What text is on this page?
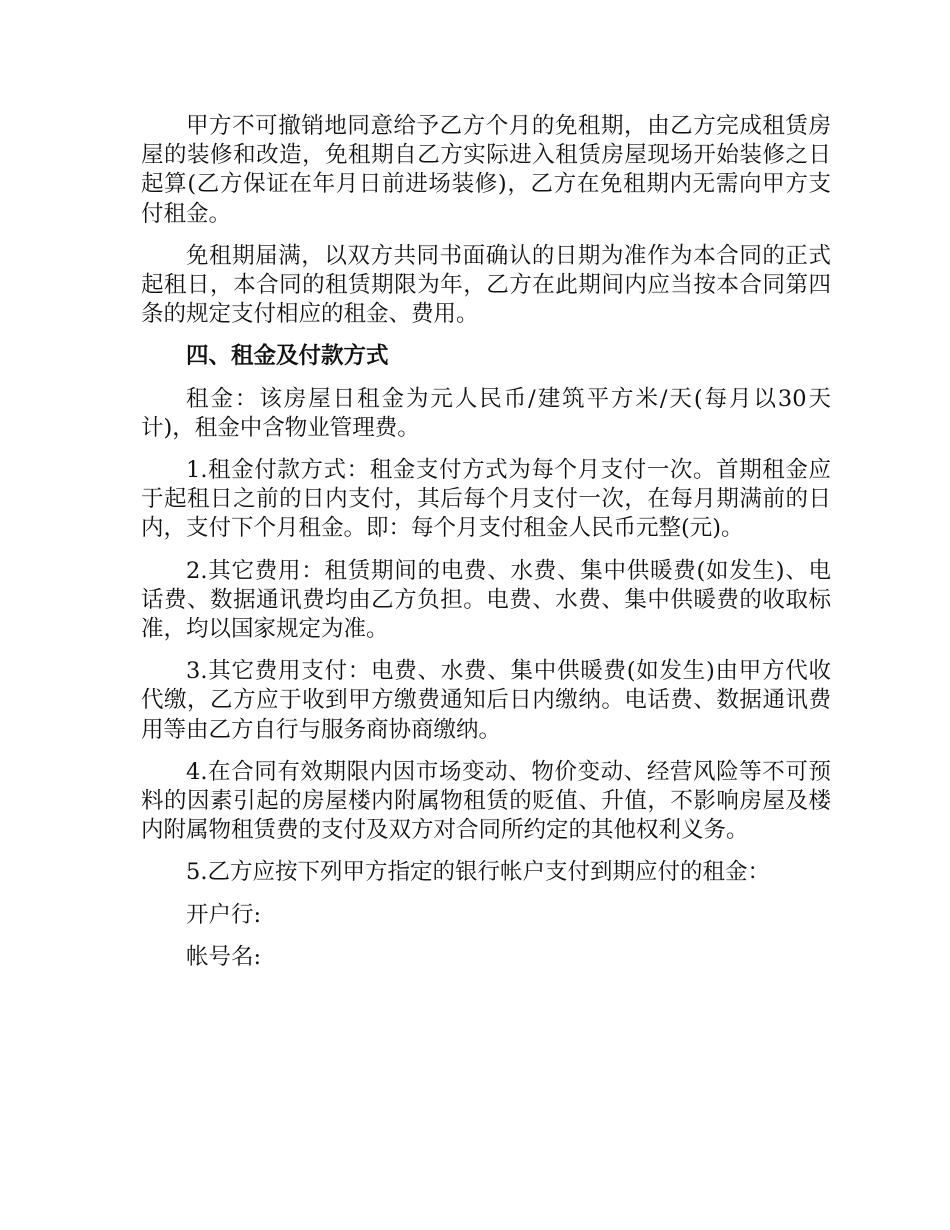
甲方不可撤销地同意给予乙方个月的免租期，由乙方完成租赁房屋的装修和改造，免租期自乙方实际进入租赁房屋现场开始装修之日起算(乙方保证在年月日前进场装修)，乙方在免租期内无需向甲方支付租金。

免租期届满，以双方共同书面确认的日期为准作为本合同的正式起租日，本合同的租赁期限为年，乙方在此期间内应当按本合同第四条的规定支付相应的租金、费用。

四、租金及付款方式

租金：该房屋日租金为元人民币/建筑平方米/天(每月以30天计)，租金中含物业管理费。

1.租金付款方式：租金支付方式为每个月支付一次。首期租金应于起租日之前的日内支付，其后每个月支付一次，在每月期满前的日内，支付下个月租金。即：每个月支付租金人民币元整(元)。

2.其它费用：租赁期间的电费、水费、集中供暖费(如发生)、电话费、数据通讯费均由乙方负担。电费、水费、集中供暖费的收取标准，均以国家规定为准。

3.其它费用支付：电费、水费、集中供暖费(如发生)由甲方代收代缴，乙方应于收到甲方缴费通知后日内缴纳。电话费、数据通讯费用等由乙方自行与服务商协商缴纳。

4.在合同有效期限内因市场变动、物价变动、经营风险等不可预料的因素引起的房屋楼内附属物租赁的贬值、升值，不影响房屋及楼内附属物租赁费的支付及双方对合同所约定的其他权利义务。

5.乙方应按下列甲方指定的银行帐户支付到期应付的租金：

开户行:

帐号名:
